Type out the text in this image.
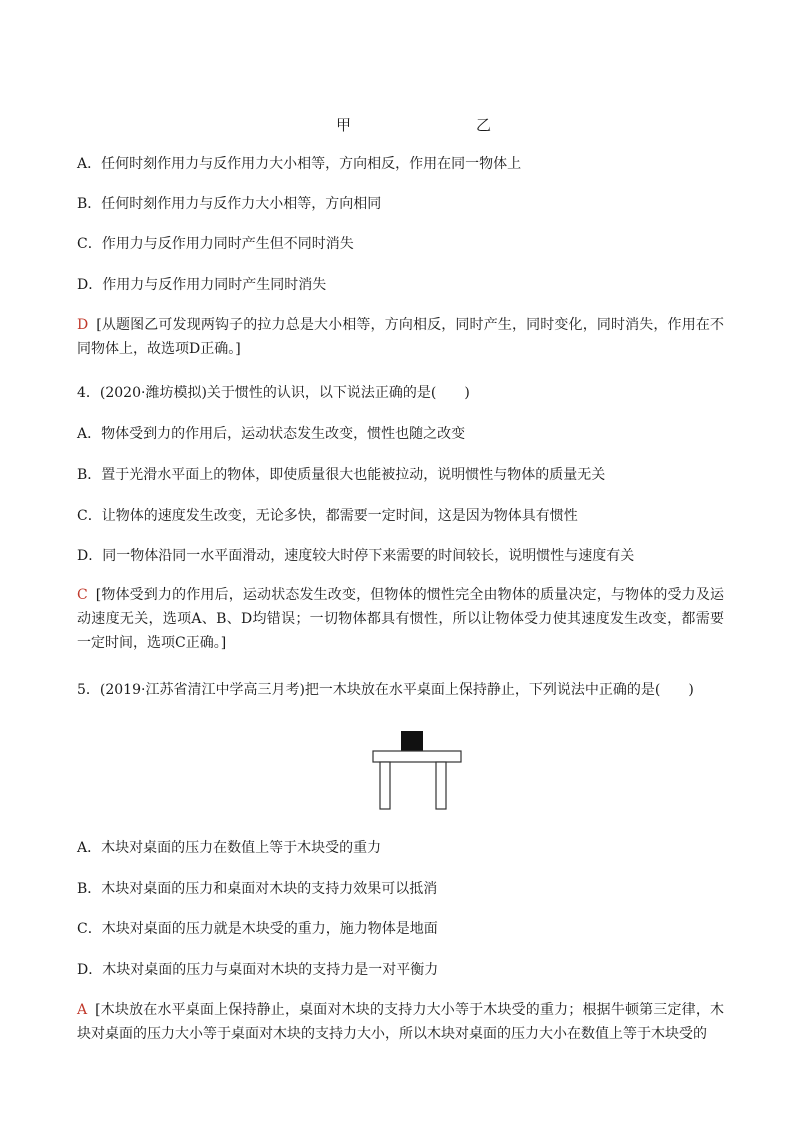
甲	乙
A．任何时刻作用力与反作用力大小相等，方向相反，作用在同一物体上
B．任何时刻作用力与反作力大小相等，方向相同
C．作用力与反作用力同时产生但不同时消失
D．作用力与反作用力同时产生同时消失
D [从题图乙可发现两钩子的拉力总是大小相等，方向相反，同时产生，同时变化，同时消失，作用在不同物体上，故选项D正确。]
4．(2020·潍坊模拟)关于惯性的认识，以下说法正确的是(　　)
A．物体受到力的作用后，运动状态发生改变，惯性也随之改变
B．置于光滑水平面上的物体，即使质量很大也能被拉动，说明惯性与物体的质量无关
C．让物体的速度发生改变，无论多快，都需要一定时间，这是因为物体具有惯性
D．同一物体沿同一水平面滑动，速度较大时停下来需要的时间较长，说明惯性与速度有关
C [物体受到力的作用后，运动状态发生改变，但物体的惯性完全由物体的质量决定，与物体的受力及运动速度无关，选项A、B、D均错误；一切物体都具有惯性，所以让物体受力使其速度发生改变，都需要一定时间，选项C正确。]
5．(2019·江苏省清江中学高三月考)把一木块放在水平桌面上保持静止，下列说法中正确的是(　　)
A．木块对桌面的压力在数值上等于木块受的重力
B．木块对桌面的压力和桌面对木块的支持力效果可以抵消
C．木块对桌面的压力就是木块受的重力，施力物体是地面
D．木块对桌面的压力与桌面对木块的支持力是一对平衡力
A [木块放在水平桌面上保持静止，桌面对木块的支持力大小等于木块受的重力；根据牛顿第三定律，木块对桌面的压力大小等于桌面对木块的支持力大小，所以木块对桌面的压力大小在数值上等于木块受的
